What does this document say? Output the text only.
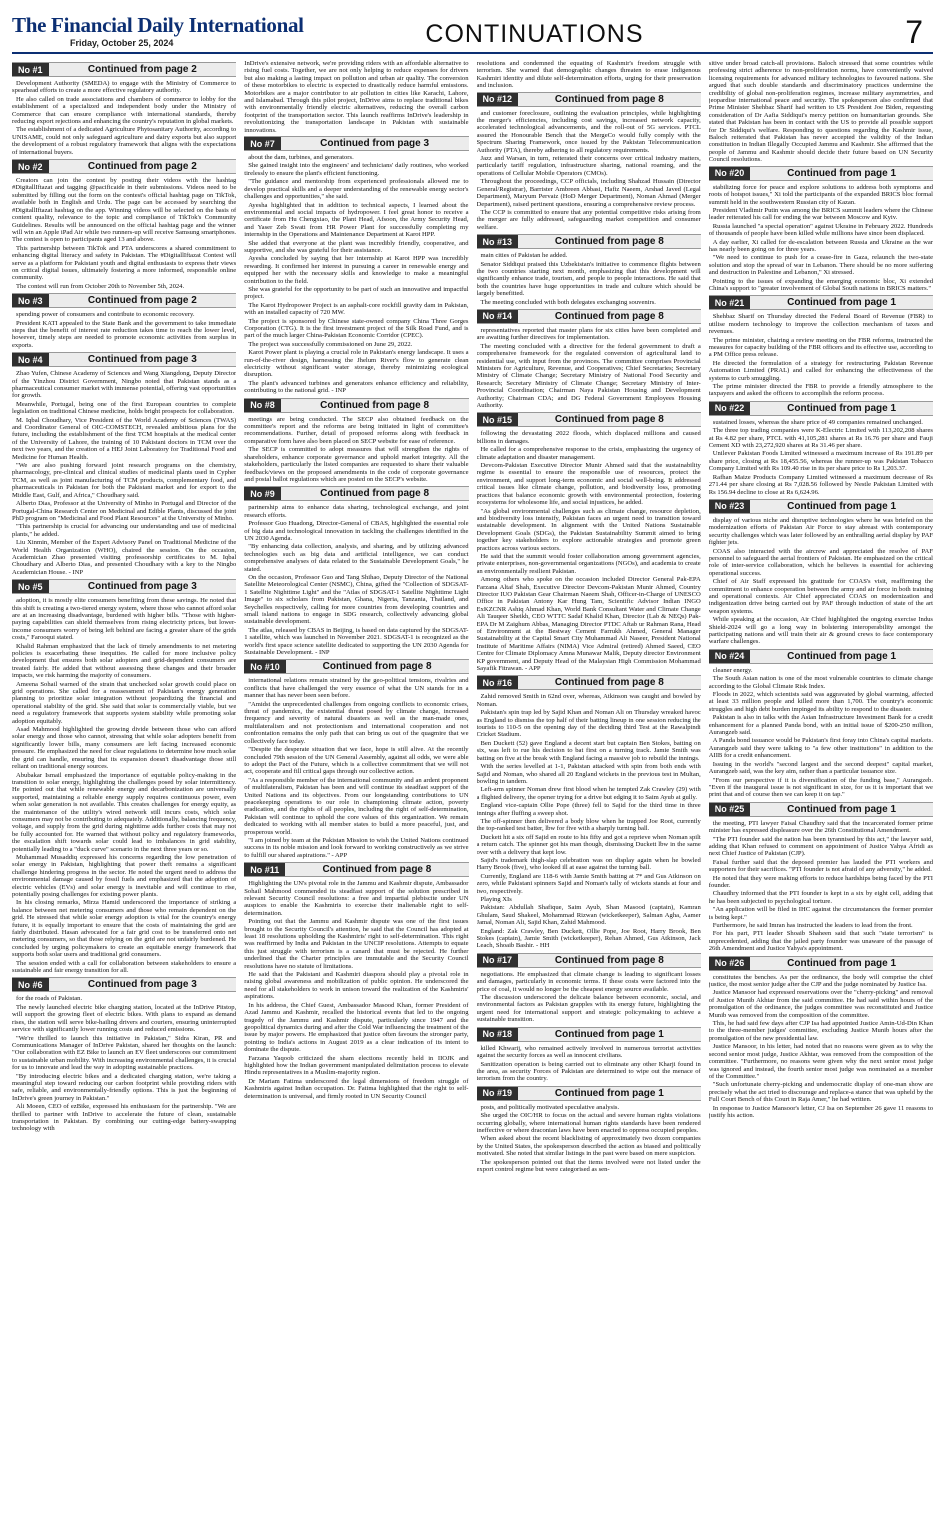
The Financial Daily International
Friday, October 25, 2024	CONTINUATIONS	7
No #1	Continued from page 2

Development Authority (SMEDA) to engage with the Ministry of Commerce to spearhead efforts to create a more effective regulatory authority.

He also called on trade associations and chambers of commerce to lobby for the establishment of a specialized and independent body under the Ministry of Commerce that can ensure compliance with international standards, thereby reducing export rejections and enhancing the country's reputation in global markets.

The establishment of a dedicated Agriculture Phytosanitary Authority, according to UNISAME, could not only safeguard agriculture and dairy exports but also support the development of a robust regulatory framework that aligns with the expectations of international buyers.

No #2	Continued from page 2

Creators can join the contest by posting their videos with the hashtag #DigitallIftazat and tagging @pacificaide in their submissions. Videos need to be submitted by filling out the form on the contest's official hashtag page on TikTok, available both in English and Urdu. The page can be accessed by searching the #DigitallIftazat hashtag on the app. Winning videos will be selected on the basis of content quality, relevance to the topic and compliance of TikTok's Community Guidelines. Results will be announced on the official hashtag page and the winner will win an Apple iPad Air while two runners-up will receive Samsung smartphones. The contest is open to participants aged 13 and above.

This partnership between TikTok and PTA underscores a shared commitment to enhancing digital literacy and safety in Pakistan. The #DigitallIftazat Contest will serve as a platform for Pakistani youth and digital enthusiasts to express their views on critical digital issues, ultimately fostering a more informed, responsible online community.

The contest will run from October 20th to November 5th, 2024.

No #3	Continued from page 2

spending power of consumers and contribute to economic recovery.

President KATI appealed to the State Bank and the government to take immediate steps that the benefit of interest rate reduction takes time to reach the lower level, however, timely steps are needed to promote economic activities from surplus in exports.

No #4	Continued from page 3

Zhao Yufen, Chinese Academy of Sciences and Wang Xiangdong, Deputy Director of the Yinzhou District Government, Ningbo noted that Pakistan stands as a pharmaceutical consumer market with immense potential, offering vast opportunities for growth.

Meanwhile, Portugal, being one of the first European countries to complete legislation on traditional Chinese medicine, holds bright prospects for collaboration.

M. Iqbal Choudhary, Vice President of the World Academy of Sciences (TWAS) and Coordinator General of OIC-COMSTECH, revealed ambitious plans for the future, including the establishment of the first TCM hospitals at the medical center of the University of Lahore, the training of 10 Pakistani doctors in TCM over the next two years, and the creation of a HEJ Joint Laboratory for Traditional Food and Medicine for Human Health.

"We are also pushing forward joint research programs on the chemistry, pharmacology, pre-clinical and clinical studies of medicinal plants used in Cypher TCM, as well as joint manufacturing of TCM products, complementary food, and pharmaceuticals in Pakistan for both the Pakistani market and for export to the Middle East, Gulf, and Africa," Choudhary said.

Alberto Dias, Professor at the University of Minho in Portugal and Director of the Portugal-China Research Center on Medicinal and Edible Plants, discussed the joint PhD program on "Medicinal and Food Plant Resources" at the University of Minho.

"This partnership is crucial for advancing our understanding and use of medicinal plants," he added.

Liu Xinmin, Member of the Expert Advisory Panel on Traditional Medicine of the World Health Organization (WHO), chaired the session. On the occasion, Academician Zhao presented visiting professorship certificates to M. Iqbal Choudhary and Alberto Dias, and presented Choudhary with a key to the Ningbo Academician House. - INP

No #5	Continued from page 3

adoption, it is mostly elite consumers benefiting from these savings. He noted that this shift is creating a two-tiered energy system, where those who cannot afford solar are at an increasing disadvantage, burdened with higher bills. "Those with higher-paying capabilities can shield themselves from rising electricity prices, but lower-income consumers worry of being left behind are facing a greater share of the grids costs," Farooqui stated.

Khalid Rahman emphasized that the lack of timely amendments to net metering policies is exacerbating these inequities. He called for more inclusive policy development that ensures both solar adopters and grid-dependent consumers are treated fairly. He added that without assessing these changes and their broader impacts, we risk harming the majority of consumers.

Ameena Sohail warned of the strain that unchecked solar growth could place on grid operations. She called for a reassessment of Pakistan's energy generation planning to prioritize solar integration without jeopardizing the financial and operational stability of the grid. She said that solar is commercially viable, but we need a regulatory framework that supports system stability while promoting solar adoption equitably.

Asad Mahmood highlighted the growing divide between those who can afford solar energy and those who cannot, stressing that while solar adopters benefit from significantly lower bills, many consumers are left facing increased economic pressure. He emphasized the need for clear regulations to determine how much solar the grid can handle, ensuring that its expansion doesn't disadvantage those still reliant on traditional energy sources.

Abubakar Ismail emphasized the importance of equitable policy-making in the transition to solar energy, highlighting the challenges posed by solar intermittency. He pointed out that while renewable energy and decarbonization are universally supported, maintaining a reliable energy supply requires continuous power, even when solar generation is not available. This creates challenges for energy equity, as the maintenance of the utility's wired network still incurs costs, which solar consumers may not be contributing to adequately. Additionally, balancing frequency, voltage, and supply from the grid during nighttime adds further costs that may not be fully accounted for. He warned that without policy and regulatory frameworks, the escalation shift towards solar could lead to imbalances in grid stability, potentially leading to a "duck curve" scenario in the next three years or so.

Muhammad Musaddiq expressed his concerns regarding the low penetration of solar energy in Pakistan, highlighting that power theft remains a significant challenge hindering progress in the sector. He noted the urgent need to address the environmental damage caused by fossil fuels and emphasized that the adoption of electric vehicles (EVs) and solar energy is inevitable and will continue to rise, potentially posing challenges for existing power plants.

In his closing remarks, Mirza Hamid underscored the importance of striking a balance between net metering consumers and those who remain dependent on the grid. He stressed that while solar energy adoption is vital for the country's energy future, it is equally important to ensure that the costs of maintaining the grid are fairly distributed. Hasan advocated for a fair grid cost to be transferred onto net metering consumers, so that those relying on the grid are not unfairly burdened. He concluded by urging policymakers to create an equitable energy framework that supports both solar users and traditional grid consumers.

The session ended with a call for collaboration between stakeholders to ensure a sustainable and fair energy transition for all.

No #6	Continued from page 3

for the roads of Pakistan.

The newly launched electric bike charging station, located at the InDrive Pitstop, will support the growing fleet of electric bikes. With plans to expand as demand rises, the station will serve bike-hailing drivers and couriers, ensuring uninterrupted service with significantly lower running costs and reduced emissions.

"We're thrilled to launch this initiative in Pakistan," Sidra Kiran, PR and Communications Manager of InDrive Pakistan, shared her thoughts on the launch: "Our collaboration with EZ Bike to launch an EV fleet underscores our commitment to sustainable urban mobility. With increasing environmental challenges, it is crucial for us to innovate and lead the way in adopting sustainable practices.

"By introducing electric bikes and a dedicated charging station, we're taking a meaningful step toward reducing our carbon footprint while providing riders with safe, reliable, and environmentally-friendly options. This is just the beginning of InDrive's green journey in Pakistan."

Ali Moeen, CEO of ezBike, expressed his enthusiasm for the partnership. "We are thrilled to partner with InDrive to accelerate the future of clean, sustainable transportation in Pakistan. By combining our cutting-edge battery-swapping technology with

InDrive's extensive network, we're providing riders with an affordable alternative to rising fuel costs. Together, we are not only helping to reduce expenses for drivers but also making a lasting impact on pollution and urban air quality. The conversion of these motorbikes to electric is expected to drastically reduce harmful emissions. Motorbikes are a major contributor to air pollution in cities like Karachi, Lahore, and Islamabad. Through this pilot project, InDrive aims to replace traditional bikes with environmentally friendly electric alternatives, reducing the overall carbon footprint of the transportation sector. This launch reaffirms InDrive's leadership in revolutionizing the transportation landscape in Pakistan with sustainable innovations.
No #7	Continued from page 3

about the dam, turbines, and generators.

She gained insight into the engineers' and technicians' daily routines, who worked tirelessly to ensure the plant's efficient functioning.

"The guidance and mentorship from experienced professionals allowed me to develop practical skills and a deeper understanding of the renewable energy sector's challenges and opportunities," she said.

Ayesha highlighted that in addition to technical aspects, I learned about the environmental and social impacts of hydropower. I feel great honor to receive a certificate from Hu Chengxiao, the Plant Head, Afsoon, the Army Security Head, and Yaser Zeb Swati from HR Power Plant for successfully completing my internship in the Operations and Maintenance Department at Karot HPP.

She added that everyone at the plant was incredibly friendly, cooperative, and supportive, and she was grateful for their assistance.

Ayesha concluded by saying that her internship at Karot HPP was incredibly rewarding. It confirmed her interest in pursuing a career in renewable energy and equipped her with the necessary skills and knowledge to make a meaningful contribution to the field.

She was grateful for the opportunity to be part of such an innovative and impactful project.

The Karot Hydropower Project is an asphalt-core rockfill gravity dam in Pakistan, with an installed capacity of 720 MW.

The project is sponsored by Chinese state-owned company China Three Gorges Corporation (CTG). It is the first investment project of the Silk Road Fund, and is part of the much larger China-Pakistan Economic Corridor (CPEC).

The project was successfully commissioned on June 29, 2022.

Karot Power plant is playing a crucial role in Pakistan's energy landscape. It uses a run-of-the-river design, harnessing the Jhelum River's flow to generate clean electricity without significant water storage, thereby minimizing ecological disruption.

The plant's advanced turbines and generators enhance efficiency and reliability, contributing to the national grid. - INP

No #8	Continued from page 8

meetings are being conducted. The SECP also obtained feedback on the committee's report and the reforms are being initiated in light of committee's recommendations. Further, detail of proposed reforms along with feedback in comparative form have also been placed on SECP website for ease of reference.

The SECP is committed to adopt measures that will strengthen the rights of shareholders, enhance corporate governance and uphold market integrity. All the stakeholders, particularly the listed companies are requested to share their valuable feedback/views on the proposed amendments in the code of corporate governance and postal ballot regulations which are posted on the SECP's website.

No #9	Continued from page 8

partnership aims to enhance data sharing, technological exchange, and joint research efforts.

Professor Guo Huadong, Director-General of CBAS, highlighted the essential role of big data and technological innovation in tackling the challenges identified in the UN 2030 Agenda.

"By enhancing data collection, analysis, and sharing, and by utilizing advanced technologies such as big data and artificial intelligence, we can conduct comprehensive analyses of data related to the Sustainable Development Goals," he stated.

On the occasion, Professor Guo and Tang Shihao, Deputy Director of the National Satellite Meteorological Center (NSMC), China, gifted the "Collection of SDGSAT-1 Satellite Nighttime Light" and the "Atlas of SDGSAT-1 Satellite Nighttime Light Image" to six scholars from Pakistan, Ghana, Nigeria, Tanzania, Thailand, and Seychelles respectively, calling for more countries from developing countries and small island nations to engage in SDG research, collectively advancing global sustainable development.

The atlas, released by CBAS in Beijing, is based on data captured by the SDGSAT-1 satellite, which was launched in November 2021. SDGSAT-1 is recognized as the world's first space science satellite dedicated to supporting the UN 2030 Agenda for Sustainable Development. - INP

No #10	Continued from page 8

international relations remain strained by the geo-political tensions, rivalries and conflicts that have challenged the very essence of what the UN stands for in a manner that has never been seen before.

"Amidst the unprecedented challenges from ongoing conflicts to economic crises, threat of pandemics, the existential threat posed by climate change, increased frequency and severity of natural disasters as well as the man-made ones, multilateralism and not protectionism and international cooperation and not confrontation remains the only path that can bring us out of the quagmire that we collectively face today.

"Despite the desperate situation that we face, hope is still alive. At the recently concluded 79th session of the UN General Assembly, against all odds, we were able to adopt the Pact of the Future, which is a collective commitment that we will not act, cooperate and fill critical gaps through our collective action.

"As a responsible member of the international community and an ardent proponent of multilateralism, Pakistan has been and will continue its steadfast support of the United Nations and its objectives. From our longstanding contributions to UN peacekeeping operations to our role in championing climate action, poverty eradication, and the rights of all peoples, including the right of self-determination, Pakistan will continue to uphold the core values of this organization. We remain dedicated to working with all member states to build a more peaceful, just, and prosperous world.

"I am joined by team at the Pakistan Mission to wish the United Nations continued success in its noble mission and look forward to working constructively as we strive to fulfill our shared aspirations." - APP

No #11	Continued from page 8

Highlighting the UN's pivotal role in the Jammu and Kashmir dispute, Ambassador Sohail Mahmood commended its steadfast support of the solution prescribed in relevant Security Council resolutions: a free and impartial plebiscite under UN auspices to enable the Kashmiris to exercise their inalienable right to self-determination.

Pointing out that the Jammu and Kashmir dispute was one of the first issues brought to the Security Council's attention, he said that the Council has adopted at least 18 resolutions upholding the Kashmiris' right to self-determination. This right was reaffirmed by India and Pakistan in the UNCIP resolutions. Attempts to equate this just struggle with terrorism is a canard that must be rejected. He further underlined that the Charter principles are immutable and the Security Council resolutions have no statute of limitations.

He said that the Pakistani and Kashmiri diaspora should play a pivotal role in raising global awareness and mobilization of public opinion. He underscored the need for all stakeholders to work in unison toward the realization of the Kashmiris' aspirations.

In his address, the Chief Guest, Ambassador Masood Khan, former President of Azad Jammu and Kashmir, recalled the historical events that led to the ongoing tragedy of the Jammu and Kashmir dispute, particularly since 1947 and the geopolitical dynamics during and after the Cold War influencing the treatment of the issue by major powers. He emphasized that justice often favours the stronger party, pointing to India's actions in August 2019 as a clear indication of its intent to dominate the dispute.

Farzana Yaqoob criticized the sham elections recently held in IIOJK and highlighted how the Indian government manipulated delimitation process to elevate Hindu representatives in a Muslim-majority region.

Dr Mariam Fatima underscored the legal dimensions of freedom struggle of Kashmiris against Indian occupation. Dr. Fatima highlighted that the right to self-determination is universal, and firmly rooted in UN Security Council

resolutions and condemned the equating of Kashmir's freedom struggle with terrorism. She warned that demographic changes threaten to erase indigenous Kashmiri identity and dilute self-determination efforts, urging for their preservation and inclusion.
No #12	Continued from page 8

and customer foreclosure, outlining the evaluation principles, while highlighting the merger's efficiencies, including cost savings, increased network capacity, accelerated technological advancements, and the roll-out of 5G services. PTCL assured the Honourable Bench that the MergeCo would fully comply with the Spectrum Sharing Framework, once issued by the Pakistan Telecommunication Authority (PTA), thereby adhering to all regulatory requirements.

Jazz and Warsan, in turn, reiterated their concerns over critical industry matters, particularly tariff regulation, infrastructure sharing, national roaming, and the operations of Cellular Mobile Operators (CMOs).

Throughout the proceedings, CCP officials, including Shahzad Hussain (Director General/Registrar), Barrister Ambreen Abbasi, Hafiz Naeem, Arshad Javed (Legal Department), Maryum Pervaiz (HoD Merger Department), Noman Ahmad (Merger Department), raised pertinent questions, ensuring a comprehensive review process.

The CCP is committed to ensure that any potential competitive risks arising from the merger are fully addressed, safeguarding market competition and consumer welfare.

No #13	Continued from page 8

main cities of Pakistan he added.

Senator Siddiqui praised this Uzbekistan's initiative to commence flights between the two countries starting next month, emphasizing that this development will significantly enhance trade, tourism, and people to people interactions. He said that both the countries have huge opportunities in trade and culture which should be largely benefitted.

The meeting concluded with both delegates exchanging souvenirs.

No #14	Continued from page 8

representatives reported that master plans for six cities have been completed and are awaiting further directives for implementation.

The meeting concluded with a directive for the federal government to draft a comprehensive framework for the regulated conversion of agricultural land to residential use, with input from the provinces. The committee comprises Provincial Ministers for Agriculture, Revenue, and Cooperatives; Chief Secretaries; Secretary Ministry of Climate Change; Secretary Ministry of National Food Security and Research; Secretary Ministry of Climate Change; Secretary Ministry of Inter-Provincial Coordination; Chairman Naya Pakistan Housing and Development Authority; Chairman CDA; and DG Federal Government Employees Housing Authority.

No #15	Continued from page 8

following the devastating 2022 floods, which displaced millions and caused billions in damages.

He called for a comprehensive response to the crisis, emphasizing the urgency of climate adaptation and disaster management.

Devcom-Pakistan Executive Director Munir Ahmed said that the sustainability regime is essential to ensure the responsible use of resources, protect the environment, and support long-term economic and social well-being. It addressed critical issues like climate change, pollution, and biodiversity loss, promoting practices that balance economic growth with environmental protection, fostering ecosystems for wholesome life, and social injustices, he added.

"As global environmental challenges such as climate change, resource depletion, and biodiversity loss intensify, Pakistan faces an urgent need to transition toward sustainable development. In alignment with the United Nations Sustainable Development Goals (SDGs), the Pakistan Sustainability Summit aimed to bring together key stakeholders to explore actionable strategies and promote green practices across various sectors.

He said that the summit would foster collaboration among government agencies, private enterprises, non-governmental organizations (NGOs), and academia to create an environmentally resilient Pakistan.

Among others who spoke on the occasion included Director General Pak-EPA Farzana Altaf Shah, Executive Director Devcom-Pakistan Munir Ahmed, Country Director IUO Pakistan Gear Chairman Naeem Shah, Officer-in-Charge of UNESCO Office in Pakistan Antony Kar Hung Tam, Scientific Advisor Indian INGO ExKZCNR Ashiq Ahmad Khan, World Bank Consultant Water and Climate Change Ali Tauqeer Sheikh, CEO WTTC Sadaf Khalid Khan, Director (Lab & NEQs) Pak-EPA Dr M Zaighum Abbas, Managing Director PTDC Aftab ur Rahman Rana, Head of Environment at the Bestway Cement Farrukh Ahmed, General Manager Sustainability at the Capital Smart City Muhammad Ali Naseer, President National Institute of Maritime Affairs (NIMA) Vice Admiral (retired) Ahmed Saeed, CEO Centre for Climate Diplomacy Amna Munawar Malik, Deputy director Environment KP government, and Deputy Head of the Malaysian High Commission Mohammad Sayafik Fitrawan. - APP

No #16	Continued from page 8

Zahid removed Smith in 62nd over, whereas, Atkinson was caught and bowled by Noman.

Pakistan's spin trap led by Sajid Khan and Noman Ali on Thursday wreaked havoc as England to dismiss the top half of their batting lineup in one session reducing the tourists to 110-5 on the opening day of the deciding third Test at the Rawalpindi Cricket Stadium.

Ben Duckett (52) gave England a decent start but captain Ben Stokes, batting on six, was left to rue his decision to bat first on a turning track. Jamie Smith was batting on five at the break with England facing a massive job to rebuild the innings.

With the series levelled at 1-1, Pakistan attacked with spin from both ends with Sajid and Noman, who shared all 20 England wickets in the previous test in Multan, bowling in tandem.

Left-arm spinner Noman drew first blood when he tempted Zak Crawley (29) with a flighted delivery, the opener trying for a drive but edging it to Saim Ayub at gully.

England vice-captain Ollie Pope (three) fell to Sajid for the third time in three innings after fluffing a sweep shot.

The off-spinner then delivered a body blow when he trapped Joe Root, currently the top-ranked test batter, lbw for five with a sharply turning ball.

Duckett hit a six off Sajid en route to his fifty and got a reprieve when Noman spilt a return catch. The spinner got his man though, dismissing Duckett lbw in the same over with a delivery that kept low.

Sajid's trademark thigh-slap celebration was on display again when he bowled Harry Brook (five), who looked ill at ease against the turning ball.

Currently, England are 118-6 with Jamie Smith batting at 7* and Gus Atkinson on zero, while Pakistani spinners Sajid and Noman's tally of wickets stands at four and two, respectively.

Playing XIs

Pakistan: Abdullah Shafique, Saim Ayub, Shan Masood (captain), Kamran Ghulam, Saud Shakeel, Mohammad Rizwan (wicketkeeper), Salman Agha, Aamer Jamal, Noman Ali, Sajid Khan, Zahid Mahmood.

England: Zak Crawley, Ben Duckett, Ollie Pope, Joe Root, Harry Brook, Ben Stokes (captain), Jamie Smith (wicketkeeper), Rehan Ahmed, Gus Atkinson, Jack Leach, Shoaib Bashir. - HH

No #17	Continued from page 8

negotiations. He emphasized that climate change is leading to significant losses and damages, particularly in economic terms. If these costs were factored into the price of coal, it would no longer be the cheapest energy source available.

The discussion underscored the delicate balance between economic, social, and environmental factors as Pakistan grapples with its energy future, highlighting the urgent need for international support and strategic policymaking to achieve a sustainable transition.

No #18	Continued from page 1

killed Khwarij, who remained actively involved in numerous terrorist activities against the security forces as well as innocent civilians.

Sanitization operation is being carried out to eliminate any other Kharji found in the area, as security Forces of Pakistan are determined to wipe out the menace of terrorism from the country.

No #19	Continued from page 1

posts, and politically motivated speculative analysis.

She urged the OIC/HR to focus on the actual and severe human rights violations occurring globally, where international human rights standards have been rendered ineffective or where draconian laws have been enacted to oppress occupied peoples.

When asked about the recent blacklisting of approximately two dozen companies by the United States, the spokesperson described the action as biased and politically motivated. She noted that similar listings in the past were based on mere suspicion.

The spokesperson pointed out that the items involved were not listed under the export control regime but were categorised as sen-

sitive under broad catch-all provisions. Baloch stressed that some countries while professing strict adherence to non-proliferation norms, have conveniently waived licensing requirements for advanced military technologies to favoured nations. She argued that such double standards and discriminatory practices undermine the credibility of global non-proliferation regimes, increase military asymmetries, and jeopardise international peace and security. The spokesperson also confirmed that Prime Minister Shehbaz Sharif had written to US President Joe Biden, requesting consideration of Dr Aafia Siddiqui's mercy petition on humanitarian grounds. She stated that Pakistan has been in contact with the US to provide all possible support for Dr Siddiqui's welfare. Responding to questions regarding the Kashmir issue, Baloch reiterated that Pakistan has never accepted the validity of the Indian constitution in Indian Illegally Occupied Jammu and Kashmir. She affirmed that the people of Jammu and Kashmir should decide their future based on UN Security Council resolutions.
No #20	Continued from page 1

stabilizing force for peace and explore solutions to address both symptoms and roots of hotspot issues," Xi told the participants of the expanded BRICS bloc formal summit held in the southwestern Russian city of Kazan.

President Vladimir Putin was among the BRICS summit leaders where the Chinese leader reiterated his call for ending the war between Moscow and Kyiv.

Russia launched "a special operation" against Ukraine in February 2022. Hundreds of thousands of people have been killed while millions have since been displaced.

A day earlier, Xi called for de-escalation between Russia and Ukraine as the war has nearly been going on for three years.

"We need to continue to push for a cease-fire in Gaza, relaunch the two-state solution and stop the spread of war in Lebanon. There should be no more suffering and destruction in Palestine and Lebanon," Xi stressed.

Pointing to the issues of expanding the emerging economic bloc, Xi extended China's support to "greater involvement of Global South nations in BRICS matters."

No #21	Continued from page 1

Shehbaz Sharif on Thursday directed the Federal Board of Revenue (FBR) to utilise modern technology to improve the collection mechanism of taxes and revenues.

The prime minister, chairing a review meeting on the FBR reforms, instructed the measures for capacity building of the FBR officers and its effective use, according to a PM Office press release.

He directed the formulation of a strategy for restructuring Pakistan Revenue Automation Limited (PRAL) and called for enhancing the effectiveness of the systems to curb smuggling.

The prime minister directed the FBR to provide a friendly atmosphere to the taxpayers and asked the officers to accomplish the reform process.

No #22	Continued from page 1

sustained losses, whereas the share price of 49 companies remained unchanged.

The three top trading companies were K-Electric Limited with 113,202,208 shares at Rs 4.82 per share, PTCL with 41,105,281 shares at Rs 16.76 per share and Fauji Cement XD with 23,272,920 shares at Rs 31.46 per share.

Unilever Pakistan Foods Limited witnessed a maximum increase of Rs 191.89 per share price, closing at Rs 18,455.56, whereas the runner-up was Pakistan Tobacco Company Limited with Rs 109.40 rise in its per share price to Rs 1,203.37.

Rafhan Maize Products Company Limited witnessed a maximum decrease of Rs 271.44 per share closing at Rs 7,028.56 followed by Nestle Pakistan Limited with Rs 156.94 decline to close at Rs 6,624.96.

No #23	Continued from page 1

display of various niche and disruptive technologies where he was briefed on the modernization efforts of Pakistan Air Force to stay abreast with contemporary security challenges which was later followed by an enthralling aerial display by PAF fighter jets.

COAS also interacted with the aircrew and appreciated the resolve of PAF personnel to safeguard the aerial frontiers of Pakistan. He emphasized on the critical role of inter-service collaboration, which he believes is essential for achieving operational success.

Chief of Air Staff expressed his gratitude for COAS's visit, reaffirming the commitment to enhance cooperation between the army and air force in both training and operational contexts. Air Chief appreciated COAS on modernization and indigenization drive being carried out by PAF through induction of state of the art weapon systems.

While speaking at the occasion, Air Chief highlighted the ongoing exercise Indus Shield-2024 will go a long way in bolstering interoperability amongst the participating nations and will train their air & ground crews to face contemporary warfare challenges.

No #24	Continued from page 1

cleaner energy.

The South Asian nation is one of the most vulnerable countries to climate change according to the Global Climate Risk Index.

Floods in 2022, which scientists said was aggravated by global warming, affected at least 33 million people and killed more than 1,700. The country's economic struggles and high debt burden impinged its ability to respond to the disaster.

Pakistan is also in talks with the Asian Infrastructure Investment Bank for a credit enhancement for a planned Panda bond, with an initial issue of $200-250 million, Aurangzeb said.

A Panda bond issuance would be Pakistan's first foray into China's capital markets. Aurangzeb said they were talking to "a few other institutions" in addition to the AIIB for a credit enhancement.

Issuing in the world's "second largest and the second deepest" capital market, Aurangzeb said, was the key aim, rather than a particular issuance size.

"From our perspective if it is diversification of the funding base," Aurangzeb. "Even if the inaugural issue is not significant in size, for us it is important that we print that and of course then we can keep it on tap."

No #25	Continued from page 1

the meeting, PTI lawyer Faisal Chaudhry said that the incarcerated former prime minister has expressed displeasure over the 26th Constitutional Amendment.

"The PTI founder said the nation has been tyrannised by this act," the lawyer said, adding that Khan refused to comment on appointment of Justice Yahya Afridi as next Chief Justice of Pakistan (CJP).

Faisal further said that the deposed premier has lauded the PTI workers and supporters for their sacrifices. "PTI founder is not afraid of any adversity," he added.

He noted that they were making efforts to reduce hardships being faced by the PTI founder.

Chaudhry informed that the PTI founder is kept in a six by eight cell, adding that he has been subjected to psychological torture.

"An application will be filed in IHC against the circumstances the former premier is being kept."

Furthermore, he said Imran has instructed the leaders to lead from the front.

For his part, PTI leader Shoaib Shaheen said that such "state terrorism" is unprecedented, adding that the jailed party founder was unaware of the passage of 26th Amendment and Justice Yahya's appointment.

No #26	Continued from page 1

constitutes the benches. As per the ordinance, the body will comprise the chief justice, the most senior judge after the CJP and the judge nominated by Justice Isa.

Justice Mansoor had expressed reservations over the "cherry-picking" and removal of Justice Munib Akhtar from the said committee. He had said within hours of the promulgation of the ordinance, the judges committee was reconstituted and Justice Munib was removed from the composition of the committee.

This, he had said few days after CJP Isa had appointed Justice Amin-Ud-Din Khan to the three-member judges' committee, excluding Justice Munib hours after the promulgation of the new presidential law.

Justice Mansoor, in his letter, had noted that no reasons were given as to why the second senior most judge, Justice Akhtar, was removed from the composition of the committee. "Furthermore, no reasons were given why the next senior most judge was ignored and instead, the fourth senior most judge was nominated as a member of the Committee."

"Such unfortunate cherry-picking and undemocratic display of one-man show are precisely what the act tried to discourage and replace-a stance that was upheld by the Full Court Bench of this Court in Raja Amer," he had written.

In response to Justice Mansoor's letter, CJ Isa on September 26 gave 11 reasons to justify his action.
